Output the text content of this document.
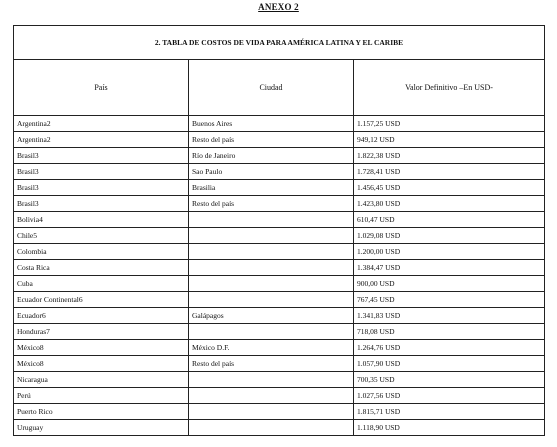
ANEXO 2
2. TABLA DE COSTOS DE VIDA PARA AMÉRICA LATINA Y EL CARIBE		
País	Ciudad	Valor Definitivo –En USD-
Argentina2	Buenos Aires	1.157,25 USD
Argentina2	Resto del país	949,12 USD
Brasil3	Río de Janeiro	1.822,38 USD
Brasil3	Sao Paulo	1.728,41 USD
Brasil3	Brasilia	1.456,45 USD
Brasil3	Resto del país	1.423,80 USD
Bolivia4		610,47 USD
Chile5		1.029,08 USD
Colombia		1.200,00 USD
Costa Rica		1.384,47 USD
Cuba		900,00 USD
Ecuador Continental6		767,45 USD
Ecuador6	Galápagos	1.341,83 USD
Honduras7		718,08 USD
México8	México D.F.	1.264,76 USD
México8	Resto del país	1.057,90 USD
Nicaragua		700,35 USD
Perú		1.027,56 USD
Puerto Rico		1.815,71 USD
Uruguay		1.118,90 USD
